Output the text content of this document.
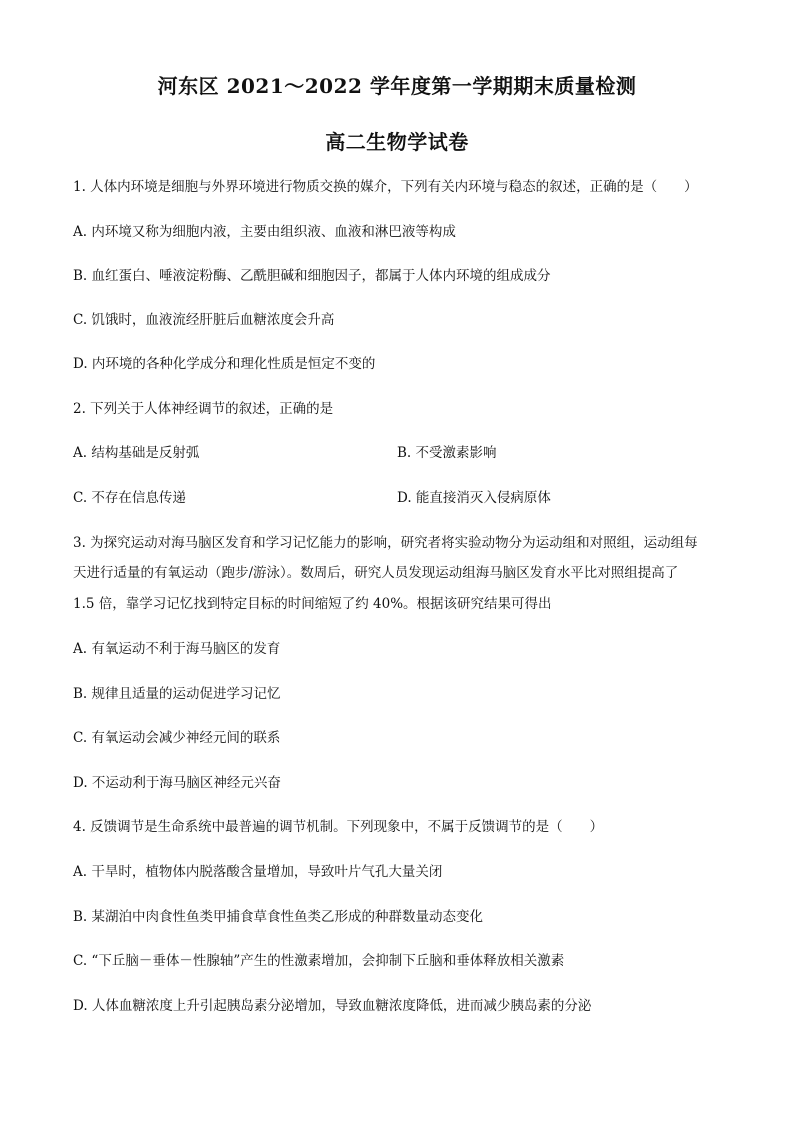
河东区 2021～2022 学年度第一学期期末质量检测
高二生物学试卷
1. 人体内环境是细胞与外界环境进行物质交换的媒介，下列有关内环境与稳态的叙述，正确的是（　　）
A. 内环境又称为细胞内液，主要由组织液、血液和淋巴液等构成
B. 血红蛋白、唾液淀粉酶、乙酰胆碱和细胞因子，都属于人体内环境的组成成分
C. 饥饿时，血液流经肝脏后血糖浓度会升高
D. 内环境的各种化学成分和理化性质是恒定不变的
2. 下列关于人体神经调节的叙述，正确的是
A. 结构基础是反射弧	B. 不受激素影响
C. 不存在信息传递	D. 能直接消灭入侵病原体
3. 为探究运动对海马脑区发育和学习记忆能力的影响，研究者将实验动物分为运动组和对照组，运动组每
天进行适量的有氧运动（跑步/游泳）。数周后，研究人员发现运动组海马脑区发育水平比对照组提高了
1.5 倍，靠学习记忆找到特定目标的时间缩短了约 40%。根据该研究结果可得出
A. 有氧运动不利于海马脑区的发育
B. 规律且适量的运动促进学习记忆
C. 有氧运动会减少神经元间的联系
D. 不运动利于海马脑区神经元兴奋
4. 反馈调节是生命系统中最普遍的调节机制。下列现象中，不属于反馈调节的是（　　）
A. 干旱时，植物体内脱落酸含量增加，导致叶片气孔大量关闭
B. 某湖泊中肉食性鱼类甲捕食草食性鱼类乙形成的种群数量动态变化
C. “下丘脑－垂体－性腺轴”产生的性激素增加，会抑制下丘脑和垂体释放相关激素
D. 人体血糖浓度上升引起胰岛素分泌增加，导致血糖浓度降低，进而减少胰岛素的分泌
